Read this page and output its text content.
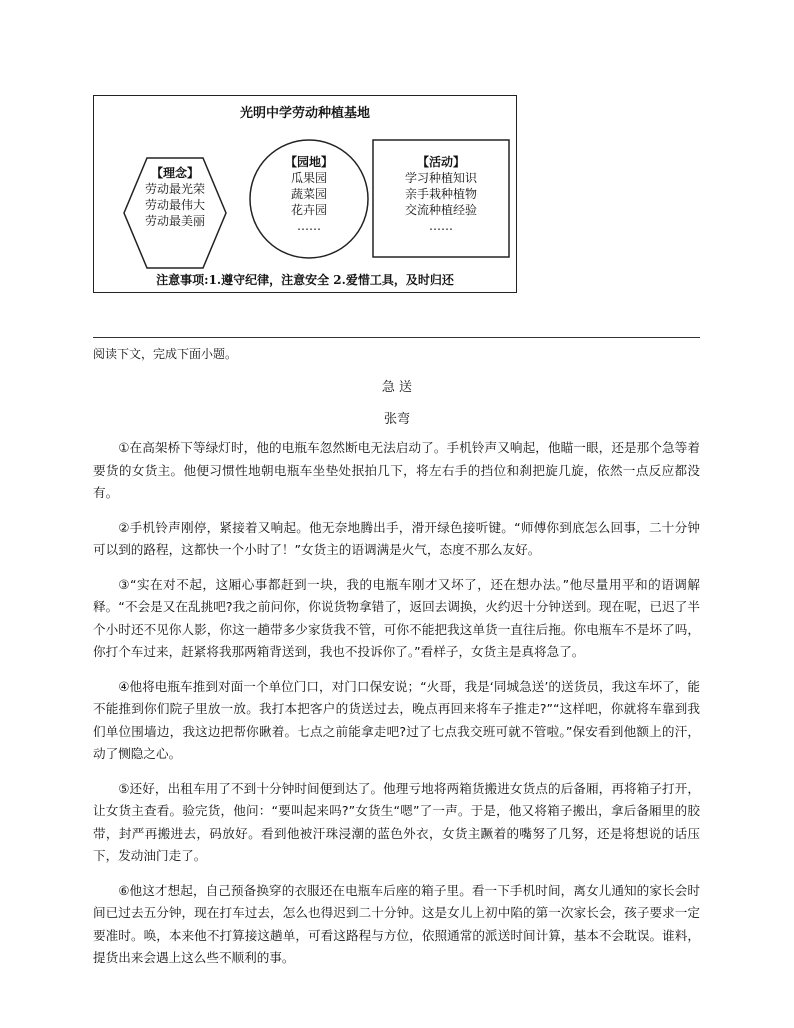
光明中学劳动种植基地
【理念】
劳动最光荣
劳动最伟大
劳动最美丽
【园地】
瓜果园
蔬菜园
花卉园
……
【活动】
学习种植知识
亲手栽种植物
交流种植经验
……
注意事项:1.遵守纪律，注意安全 2.爱惜工具，及时归还
阅读下文，完成下面小题。
急 送
张弯

①在高架桥下等绿灯时，他的电瓶车忽然断电无法启动了。手机铃声又响起，他瞄一眼，还是那个急等着要货的女货主。他便习惯性地朝电瓶车坐垫处抿拍几下，将左右手的挡位和刹把旋几旋，依然一点反应都没有。

②手机铃声刚停，紧接着又响起。他无奈地腾出手，滑开绿色接听键。“师傅你到底怎么回事，二十分钟可以到的路程，这都快一个小时了！”女货主的语调满是火气，态度不那么友好。

③“实在对不起，这厢心事都赶到一块，我的电瓶车刚才又坏了，还在想办法。”他尽量用平和的语调解释。“不会是又在乱挑吧?我之前问你，你说货物拿错了，返回去调换，火约迟十分钟送到。现在呢，已迟了半个小时还不见你人影，你这一趟带多少家货我不管，可你不能把我这单货一直往后拖。你电瓶车不是坏了吗，你打个车过来，赶紧将我那两箱背送到，我也不投诉你了。”看样子，女货主是真将急了。

④他将电瓶车推到对面一个单位门口，对门口保安说；“火哥，我是‘同城急送’的送货员，我这车坏了，能不能推到你们院子里放一放。我打本把客户的货送过去，晚点再回来将车子推走?”“这样吧，你就将车靠到我们单位围墙边，我这边把帮你瞅着。七点之前能拿走吧?过了七点我交班可就不管啦。”保安看到他额上的汗，动了恻隐之心。

⑤还好，出租车用了不到十分钟时间便到达了。他理亏地将两箱货搬进女货点的后备厢，再将箱子打开，让女货主查看。验完货，他问：“要叫起来吗?”女货生“嗯”了一声。于是，他又将箱子搬出，拿后备厢里的胶带，封严再搬进去，码放好。看到他被汗珠浸潮的蓝色外衣，女货主蹶着的嘴努了几努，还是将想说的话压下，发动油门走了。

⑥他这才想起，自己预备换穿的衣服还在电瓶车后座的箱子里。看一下手机时间，离女儿通知的家长会时间已过去五分钟，现在打车过去，怎么也得迟到二十分钟。这是女儿上初中陷的第一次家长会，孩子要求一定要准时。唤，本来他不打算接这趟单，可看这路程与方位，依照通常的派送时间计算，基本不会耽误。谁料，提货出来会遇上这么些不顺利的事。
